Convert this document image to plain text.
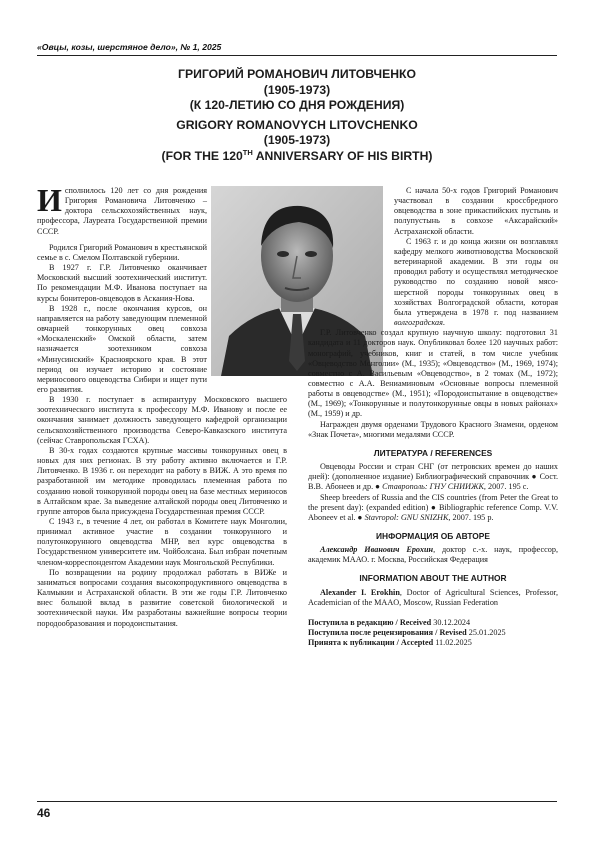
«Овцы, козы, шерстяное дело», № 1, 2025
ГРИГОРИЙ РОМАНОВИЧ ЛИТОВЧЕНКО
(1905-1973)
(К 120-ЛЕТИЮ СО ДНЯ РОЖДЕНИЯ)
GRIGORY ROMANOVYCH LITOVCHENKO
(1905-1973)
(FOR THE 120TH ANNIVERSARY OF HIS BIRTH)

Исполнилось 120 лет со дня рождения Григория Романовича Литовченко – доктора сельскохозяйственных наук, профессора, Лауреата Государственной премии СССР.

Родился Григорий Романович в крестьянской семье в с. Смелом Полтавской губернии.

В 1927 г. Г.Р. Литовченко оканчивает Московский высший зоотехнический институт. По рекомендации М.Ф. Иванова поступает на курсы бонитеров-овцеводов в Аскания-Нова.

В 1928 г., после окончания курсов, он направляется на работу заведующим племенной овчарней тонкорунных овец совхоза «Москаленский» Омской области, затем назначается зоотехником совхоза «Минусинский» Красноярского края. В этот период он изучает историю и состояние мериносового овцеводства Сибири и ищет пути его развития.

В 1930 г. поступает в аспирантуру Московского высшего зоотехнического института к профессору М.Ф. Иванову и после ее окончания занимает должность заведующего кафедрой организации сельскохозяйственного производства Северо-Кавказского института (сейчас Ставропольская ГСХА).

В 30-х годах создаются крупные массивы тонкорунных овец в новых для них регионах. В эту работу активно включается и Г.Р. Литовченко. В 1936 г. он переходит на работу в ВИЖ. А это время по разработанной им методике проводилась племенная работа по созданию новой тонкорунной породы овец на базе местных мериносов в Алтайском крае. За выведение алтайской породы овец Литовченко и группе авторов была присуждена Государственная премия СССР.

С 1943 г., в течение 4 лет, он работал в Комитете наук Монголии, принимал активное участие в создании тонкорунного и полутонкорунного овцеводства МНР, вел курс овцеводства в Государственном университете им. Чойболсана. Был избран почетным членом-корреспондентом Академии наук Монгольской Республики.

По возвращении на родину продолжал работать в ВИЖе и заниматься вопросами создания высокопродуктивного овцеводства в Калмыкии и Астраханской области. В эти же годы Г.Р. Литовченко внес большой вклад в развитие советской биологической и зоотехнической науки. Им разработаны важнейшие вопросы теории породообразования и породоиспытания.

С начала 50-х годов Григорий Романович участвовал в создании кроссбредного овцеводства в зоне прикаспийских пустынь и полупустынь в совхозе «Аксарайский» Астраханской области.

С 1963 г. и до конца жизни он возглавлял кафедру мелкого животноводства Московской ветеринарной академии. В эти годы он проводил работу и осуществлял методическое руководство по созданию новой мясо-шерстной породы тонкорунных овец в хозяйствах Волгоградской области, которая была утверждена в 1978 г. под названием волгоградская.

Г.Р. Литовченко создал крупную научную школу: подготовил 31 кандидата и 11 докторов наук. Опубликовал более 120 научных работ: монографий, учебников, книг и статей, в том числе учебник «Овцеводство Монголии» (М., 1935); «Овцеводство» (М., 1969, 1974); совместно с А. Васильевым «Овцеводство», в 2 томах (М., 1972); совместно с А.А. Вениаминовым «Основные вопросы племенной работы в овцеводстве» (М., 1951); «Породоиспытание в овцеводстве» (М., 1969); «Тонкорунные и полутонкорунные овцы в новых районах» (М., 1959) и др.

Награжден двумя орденами Трудового Красного Знамени, орденом «Знак Почета», многими медалями СССР.

ЛИТЕРАТУРА / REFERENCES

Овцеводы России и стран СНГ (от петровских времен до наших дней): (дополненное издание) Библиографический справочник ● Сост. В.В. Абонеев и др. ● Ставрополь: ГНУ СНИИЖК, 2007. 195 с.

Sheep breeders of Russia and the CIS countries (from Peter the Great to the present day): (expanded edition) ● Bibliographic reference Comp. V.V. Aboneev et al. ● Stavropol: GNU SNIZHK, 2007. 195 p.

ИНФОРМАЦИЯ ОБ АВТОРЕ

Александр Иванович Ерохин, доктор с.-х. наук, профессор, академик МААО. г. Москва, Российская Федерация

INFORMATION ABOUT THE AUTHOR

Alexander I. Erokhin, Doctor of Agricultural Sciences, Professor, Academician of the MAAO, Moscow, Russian Federation

Поступила в редакцию / Received 30.12.2024

Поступила после рецензирования / Revised 25.01.2025

Принята к публикации / Accepted 11.02.2025

46
